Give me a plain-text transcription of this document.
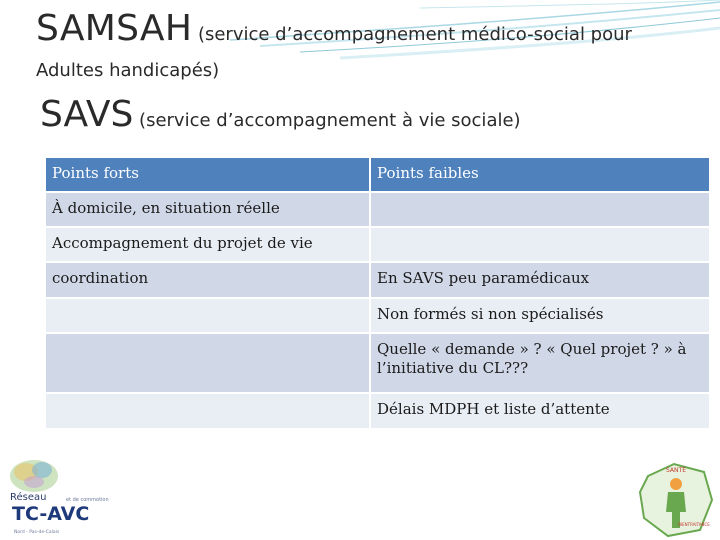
SAMSAH (service d’accompagnement médico-social pour
Adultes handicapés)
SAVS (service d’accompagnement à vie sociale)
Points forts	Points faibles
À domicile, en situation réelle	
Accompagnement du projet de vie	
coordination	En SAVS peu paramédicaux
	Non formés si non spécialisés
	Quelle « demande » ? « Quel projet ? » à l’initiative du CL???
	Délais MDPH et liste d’attente
Réseau
TC-AVC
et de commotion
Nord - Pas-de-Calais
SANTÉ
BIENTRAITANCE
